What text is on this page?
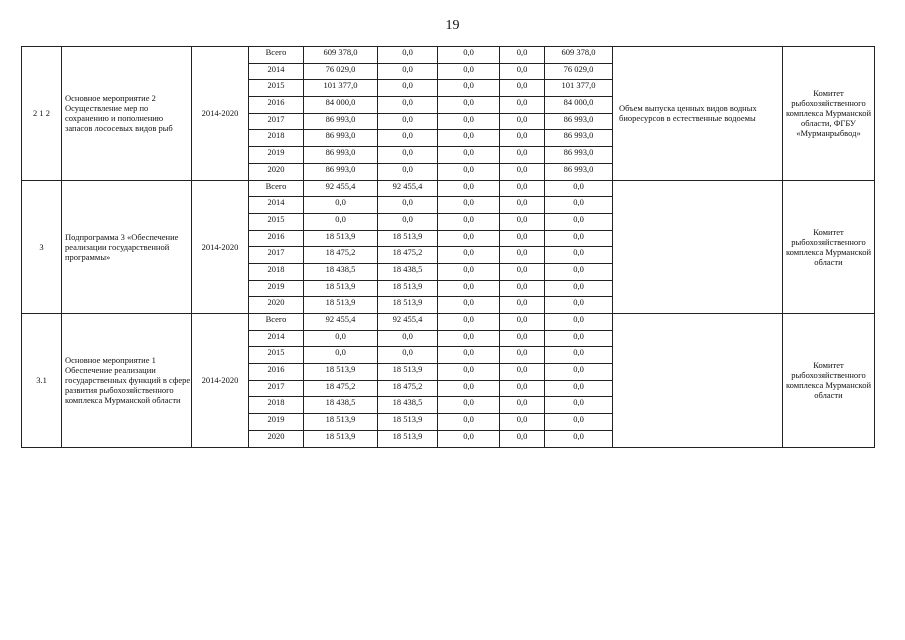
19
2 1 2	Основное мероприятие 2 Осуществление мер по сохранению и пополнению запасов лососевых видов рыб	2014-2020	Всего	609 378,0	0,0	0,0	0,0	609 378,0	Объем выпуска ценных видов водных биоресурсов в естественные водоемы	Комитет рыбохозяйственного комплекса Мурманской области, ФГБУ «Мурманрыбвод»
			2014	76 029,0	0,0	0,0	0,0	76 029,0		
			2015	101 377,0	0,0	0,0	0,0	101 377,0		
			2016	84 000,0	0,0	0,0	0,0	84 000,0		
			2017	86 993,0	0,0	0,0	0,0	86 993,0		
			2018	86 993,0	0,0	0,0	0,0	86 993,0		
			2019	86 993,0	0,0	0,0	0,0	86 993,0		
			2020	86 993,0	0,0	0,0	0,0	86 993,0		
3	Подпрограмма 3 «Обеспечение реализации государственной программы»	2014-2020	Всего	92 455,4	92 455,4	0,0	0,0	0,0		Комитет рыбохозяйственного комплекса Мурманской области
			2014	0,0	0,0	0,0	0,0	0,0		
			2015	0,0	0,0	0,0	0,0	0,0		
			2016	18 513,9	18 513,9	0,0	0,0	0,0		
			2017	18 475,2	18 475,2	0,0	0,0	0,0		
			2018	18 438,5	18 438,5	0,0	0,0	0,0		
			2019	18 513,9	18 513,9	0,0	0,0	0,0		
			2020	18 513,9	18 513,9	0,0	0,0	0,0		
3.1	Основное мероприятие 1 Обеспечение реализации государственных функций в сфере развития рыбохозяйственного комплекса Мурманской области	2014-2020	Всего	92 455,4	92 455,4	0,0	0,0	0,0		Комитет рыбохозяйственного комплекса Мурманской области
			2014	0,0	0,0	0,0	0,0	0,0		
			2015	0,0	0,0	0,0	0,0	0,0		
			2016	18 513,9	18 513,9	0,0	0,0	0,0		
			2017	18 475,2	18 475,2	0,0	0,0	0,0		
			2018	18 438,5	18 438,5	0,0	0,0	0,0		
			2019	18 513,9	18 513,9	0,0	0,0	0,0		
			2020	18 513,9	18 513,9	0,0	0,0	0,0		
